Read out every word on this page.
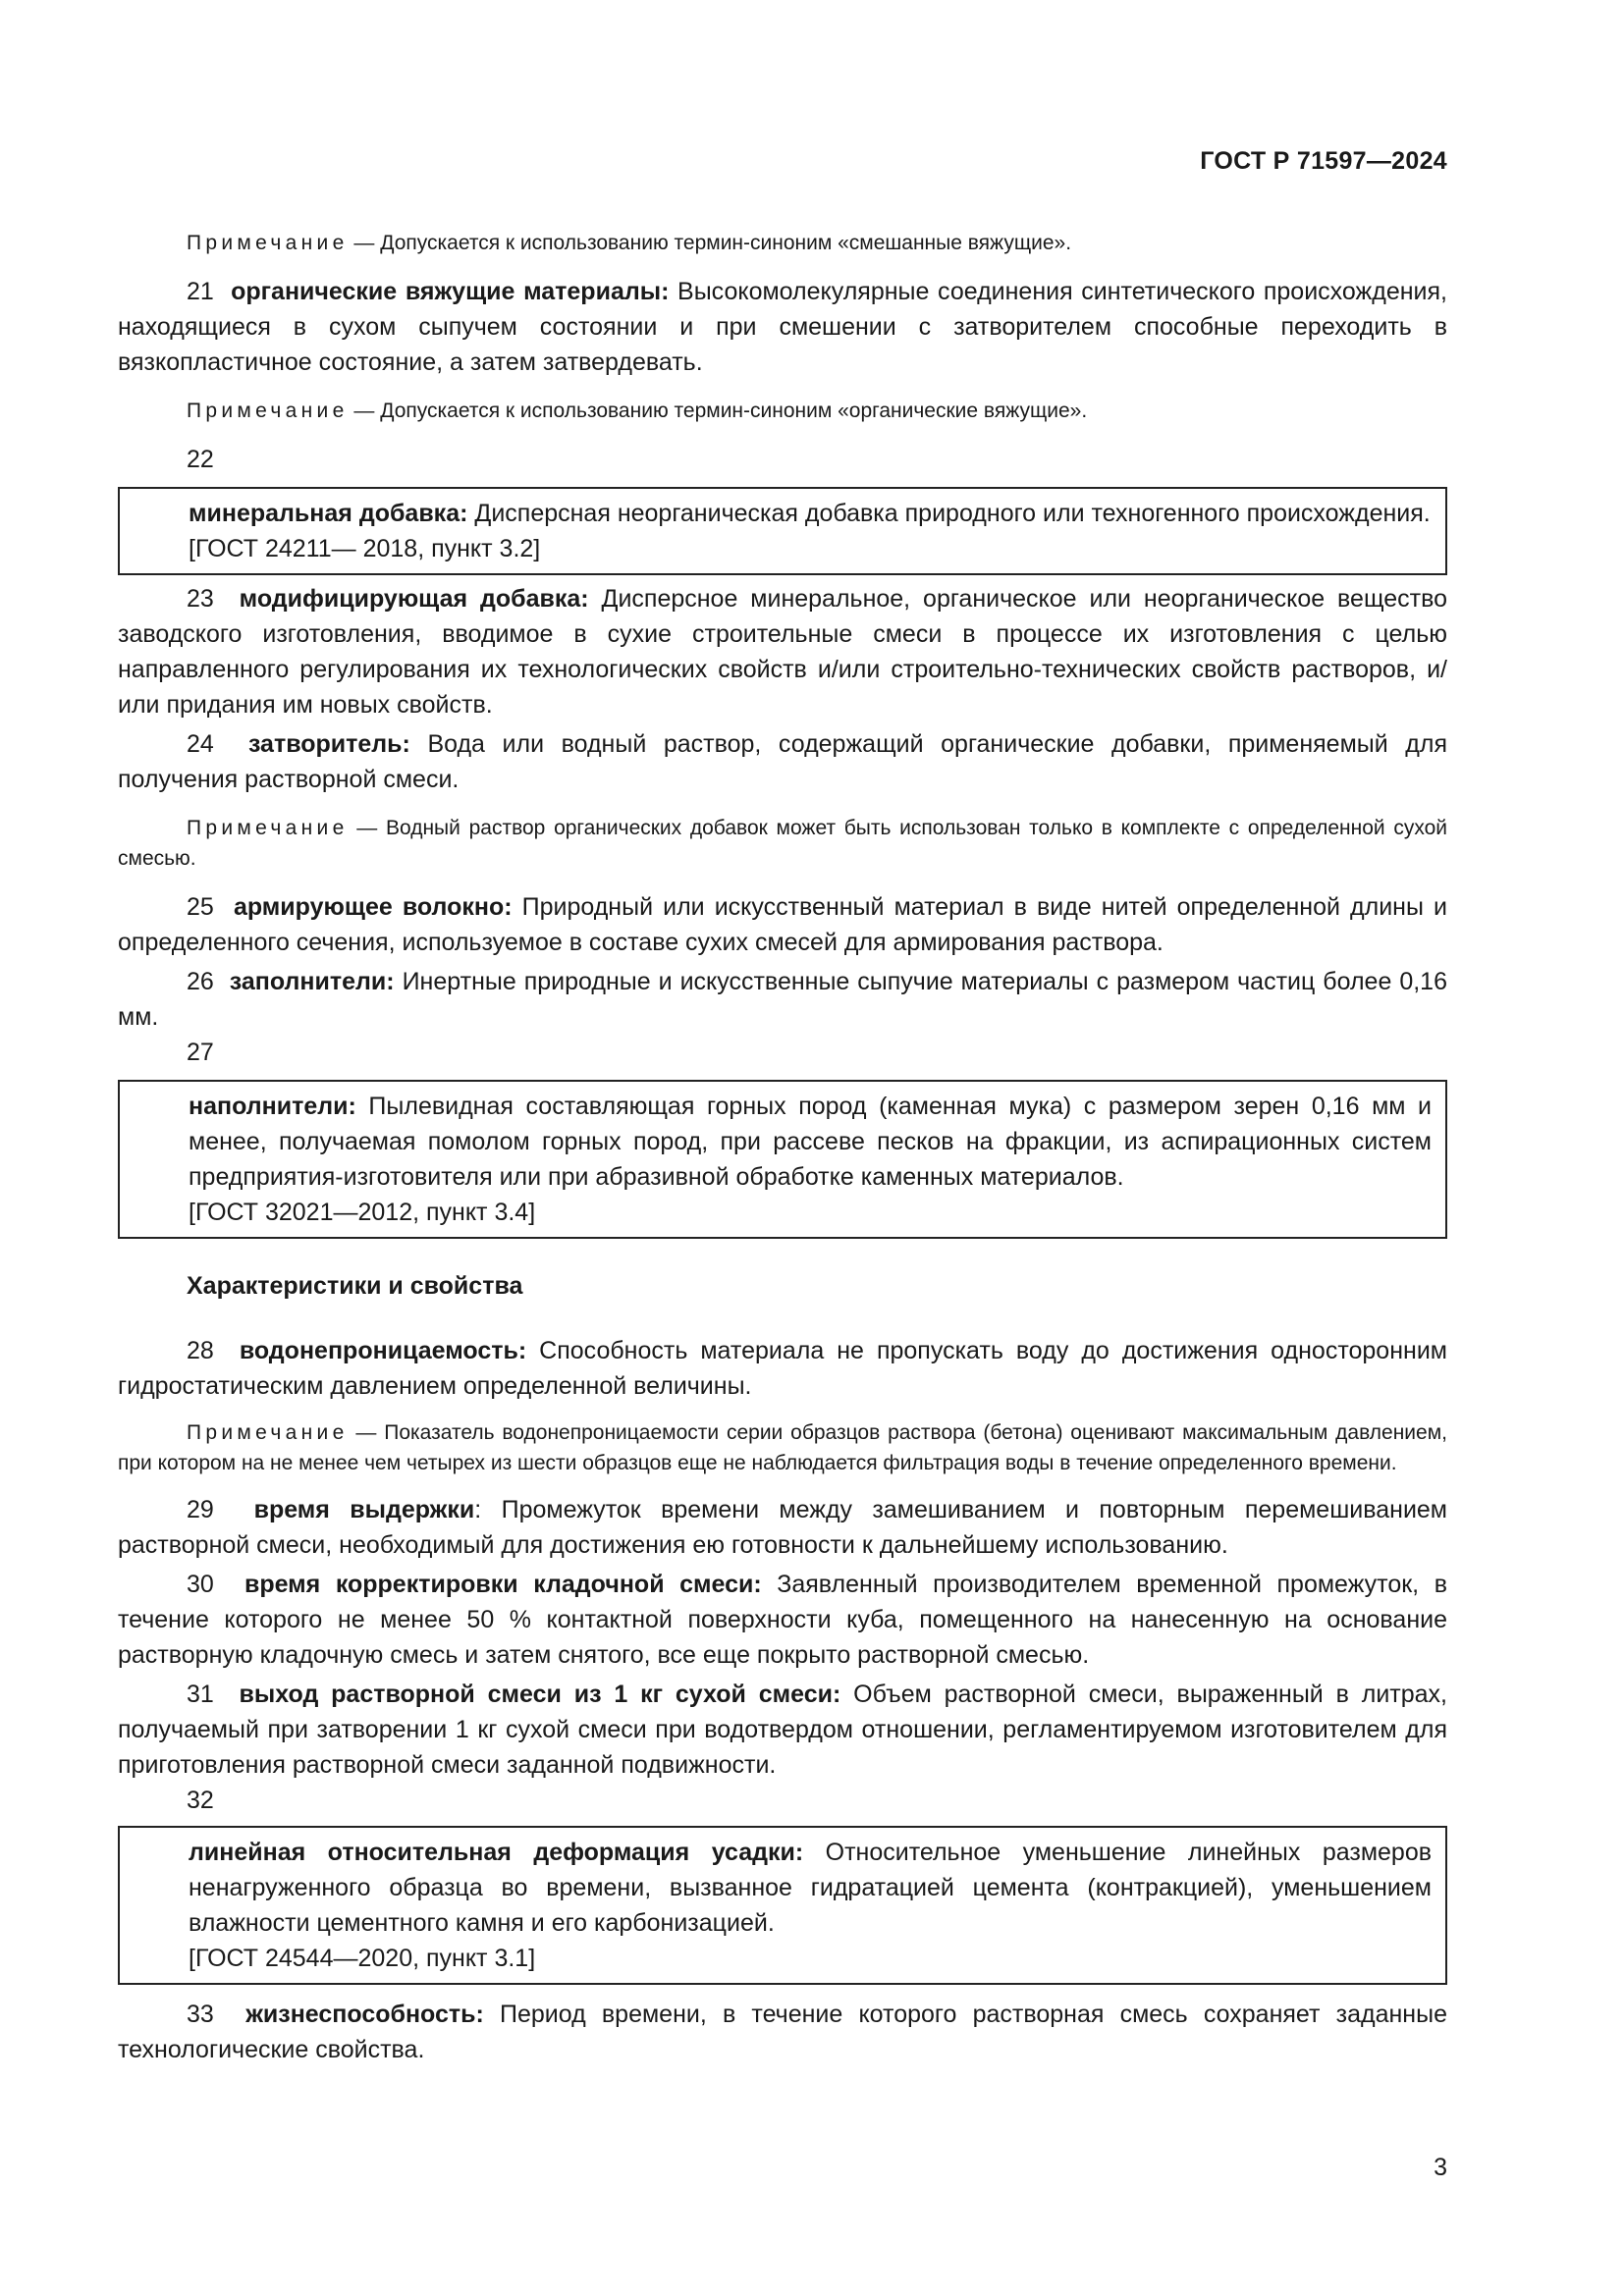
ГОСТ Р 71597—2024

Примечание — Допускается к использованию термин-синоним «смешанные вяжущие».

21 органические вяжущие материалы: Высокомолекулярные соединения синтетического происхождения, находящиеся в сухом сыпучем состоянии и при смешении с затворителем способные переходить в вязкопластичное состояние, а затем затвердевать.

Примечание — Допускается к использованию термин-синоним «органические вяжущие».

22
минеральная добавка: Дисперсная неорганическая добавка природного или техногенного происхождения.
[ГОСТ 24211— 2018, пункт 3.2]

23 модифицирующая добавка: Дисперсное минеральное, органическое или неорганическое вещество заводского изготовления, вводимое в сухие строительные смеси в процессе их изготовления с целью направленного регулирования их технологических свойств и/или строительно-технических свойств растворов, и/или придания им новых свойств.

24 затворитель: Вода или водный раствор, содержащий органические добавки, применяемый для получения растворной смеси.

Примечание — Водный раствор органических добавок может быть использован только в комплекте с определенной сухой смесью.

25 армирующее волокно: Природный или искусственный материал в виде нитей определенной длины и определенного сечения, используемое в составе сухих смесей для армирования раствора.

26 заполнители: Инертные природные и искусственные сыпучие материалы с размером частиц более 0,16 мм.

27
наполнители: Пылевидная составляющая горных пород (каменная мука) с размером зерен 0,16 мм и менее, получаемая помолом горных пород, при рассеве песков на фракции, из аспирационных систем предприятия-изготовителя или при абразивной обработке каменных материалов.
[ГОСТ 32021—2012, пункт 3.4]

Характеристики и свойства

28 водонепроницаемость: Способность материала не пропускать воду до достижения односторонним гидростатическим давлением определенной величины.

Примечание — Показатель водонепроницаемости серии образцов раствора (бетона) оценивают максимальным давлением, при котором на не менее чем четырех из шести образцов еще не наблюдается фильтрация воды в течение определенного времени.

29 время выдержки: Промежуток времени между замешиванием и повторным перемешиванием растворной смеси, необходимый для достижения ею готовности к дальнейшему использованию.

30 время корректировки кладочной смеси: Заявленный производителем временной промежуток, в течение которого не менее 50 % контактной поверхности куба, помещенного на нанесенную на основание растворную кладочную смесь и затем снятого, все еще покрыто растворной смесью.

31 выход растворной смеси из 1 кг сухой смеси: Объем растворной смеси, выраженный в литрах, получаемый при затворении 1 кг сухой смеси при водотвердом отношении, регламентируемом изготовителем для приготовления растворной смеси заданной подвижности.

32
линейная относительная деформация усадки: Относительное уменьшение линейных размеров ненагруженного образца во времени, вызванное гидратацией цемента (контракцией), уменьшением влажности цементного камня и его карбонизацией.
[ГОСТ 24544—2020, пункт 3.1]

33 жизнеспособность: Период времени, в течение которого растворная смесь сохраняет заданные технологические свойства.

3
